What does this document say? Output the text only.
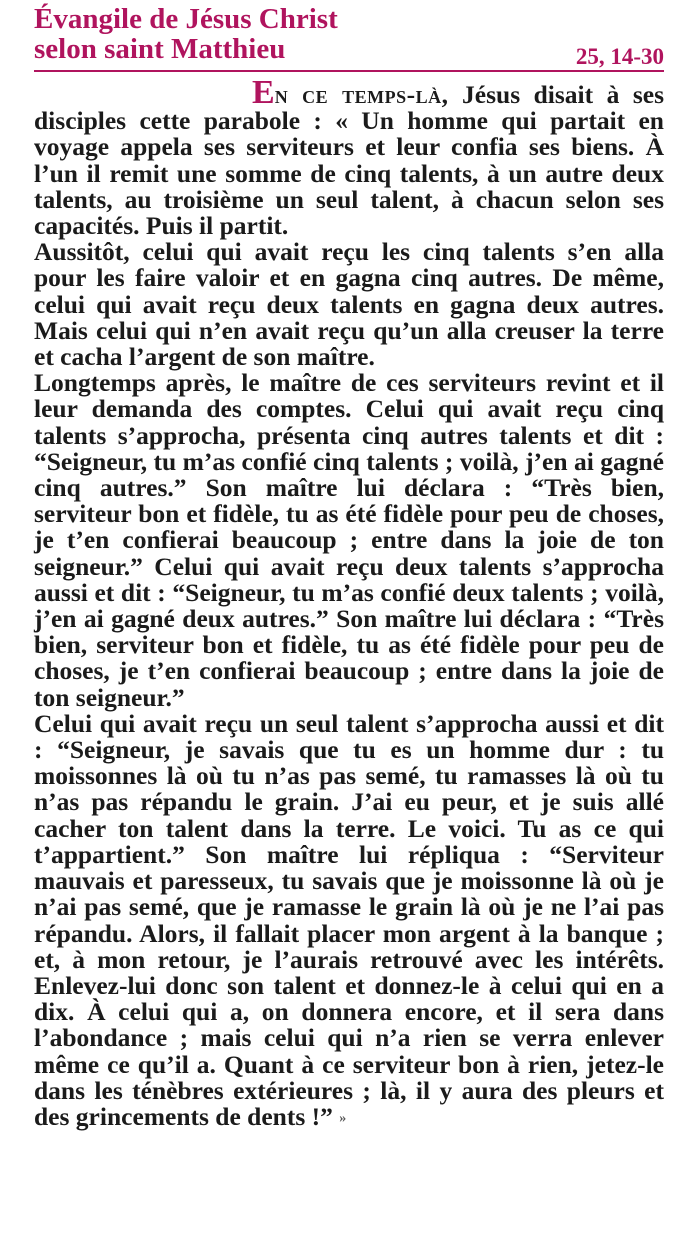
Évangile de Jésus Christ
selon saint Matthieu	25, 14-30

En ce temps-là, Jésus disait à ses disciples cette parabole : « Un homme qui partait en voyage appela ses serviteurs et leur confia ses biens. À l’un il remit une somme de cinq talents, à un autre deux talents, au troisième un seul talent, à chacun selon ses capacités. Puis il partit.

Aussitôt, celui qui avait reçu les cinq talents s’en alla pour les faire valoir et en gagna cinq autres. De même, celui qui avait reçu deux talents en gagna deux autres. Mais celui qui n’en avait reçu qu’un alla creuser la terre et cacha l’argent de son maître.

Longtemps après, le maître de ces serviteurs revint et il leur demanda des comptes. Celui qui avait reçu cinq talents s’approcha, présenta cinq autres talents et dit : “Seigneur, tu m’as confié cinq talents ; voilà, j’en ai gagné cinq autres.” Son maître lui déclara : “Très bien, serviteur bon et fidèle, tu as été fidèle pour peu de choses, je t’en confierai beaucoup ; entre dans la joie de ton seigneur.” Celui qui avait reçu deux talents s’approcha aussi et dit : “Seigneur, tu m’as confié deux talents ; voilà, j’en ai gagné deux autres.” Son maître lui déclara : “Très bien, serviteur bon et fidèle, tu as été fidèle pour peu de choses, je t’en confierai beaucoup ; entre dans la joie de ton seigneur.”

Celui qui avait reçu un seul talent s’approcha aussi et dit : “Seigneur, je savais que tu es un homme dur : tu moissonnes là où tu n’as pas semé, tu ramasses là où tu n’as pas répandu le grain. J’ai eu peur, et je suis allé cacher ton talent dans la terre. Le voici. Tu as ce qui t’appartient.” Son maître lui répliqua : “Serviteur mauvais et paresseux, tu savais que je moissonne là où je n’ai pas semé, que je ramasse le grain là où je ne l’ai pas répandu. Alors, il fallait placer mon argent à la banque ; et, à mon retour, je l’aurais retrouvé avec les intérêts. Enlevez-lui donc son talent et donnez-le à celui qui en a dix. À celui qui a, on donnera encore, et il sera dans l’abondance ; mais celui qui n’a rien se verra enlever même ce qu’il a. Quant à ce serviteur bon à rien, jetez-le dans les ténèbres extérieures ; là, il y aura des pleurs et des grincements de dents !” »
